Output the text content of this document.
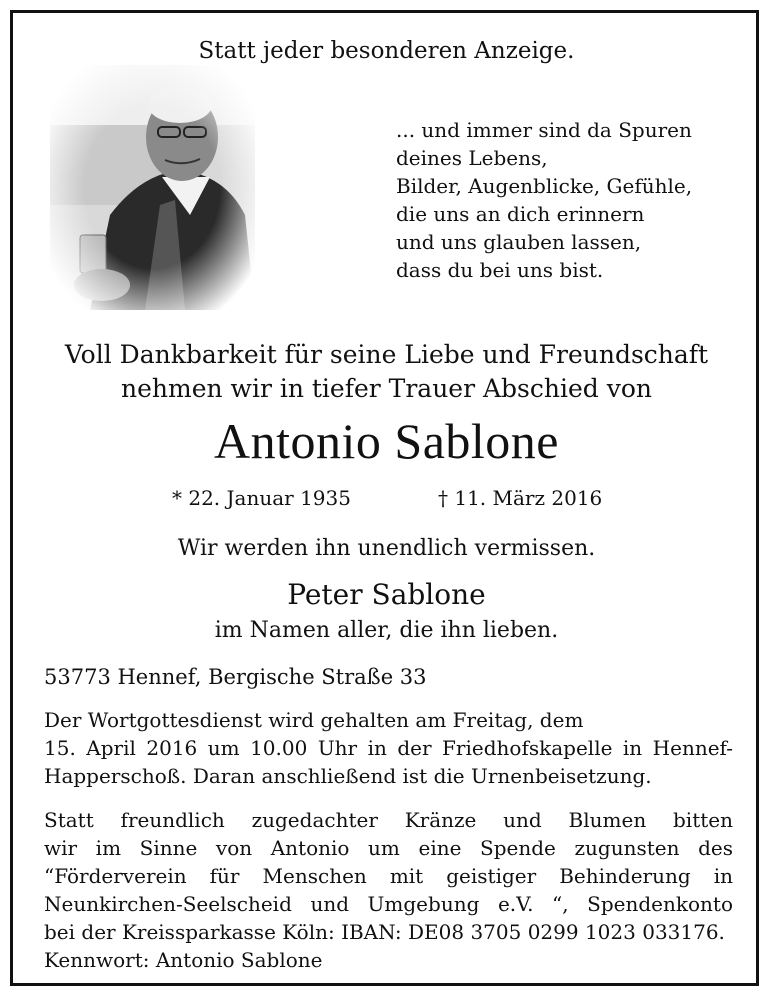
Statt jeder besonderen Anzeige.
... und immer sind da Spuren
deines Lebens,
Bilder, Augenblicke, Gefühle,
die uns an dich erinnern
und uns glauben lassen,
dass du bei uns bist.
Voll Dankbarkeit für seine Liebe und Freundschaft
nehmen wir in tiefer Trauer Abschied von
Antonio Sablone
* 22. Januar 1935	† 11. März 2016
Wir werden ihn unendlich vermissen.
Peter Sablone
im Namen aller, die ihn lieben.
53773 Hennef, Bergische Straße 33
Der Wortgottesdienst wird gehalten am Freitag, dem
15. April 2016 um 10.00 Uhr in der Friedhofskapelle in Hennef-
Happerschoß. Daran anschließend ist die Urnenbeisetzung.
Statt freundlich zugedachter Kränze und Blumen bitten
wir im Sinne von Antonio um eine Spende zugunsten des
“Förderverein für Menschen mit geistiger Behinderung in
Neunkirchen-Seelscheid und Umgebung e.V. “, Spendenkonto
bei der Kreissparkasse Köln: IBAN: DE08 3705 0299 1023 033176.
Kennwort: Antonio Sablone
